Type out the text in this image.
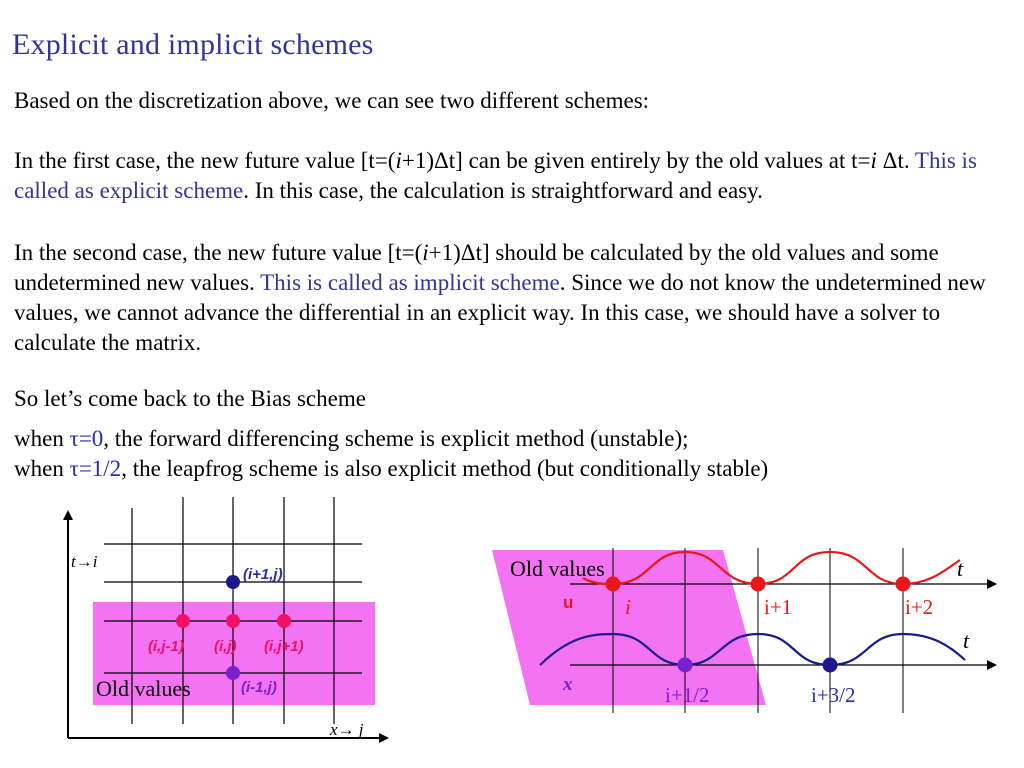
Explicit and implicit schemes
Based on the discretization above, we can see two different schemes:
In the first case, the new future value [t=(i+1)Δt] can be given entirely by the old values at t=i Δt. This is called as explicit scheme. In this case, the calculation is straightforward and easy.
In the second case, the new future value [t=(i+1)Δt] should be calculated by the old values and some undetermined new values. This is called as implicit scheme. Since we do not know the undetermined new values, we cannot advance the differential in an explicit way. In this case, we should have a solver to calculate the matrix.
So let’s come back to the Bias scheme
when τ=0, the forward differencing scheme is explicit method (unstable);
when τ=1/2, the leapfrog scheme is also explicit method (but conditionally stable)
t→i
x→ j
(i+1,j)
(i,j-1) (i,j) (i,j+1)
(i-1,j)
Old values
Old values
u
x
t
t
i	i+1	i+2
i+1/2	i+3/2
